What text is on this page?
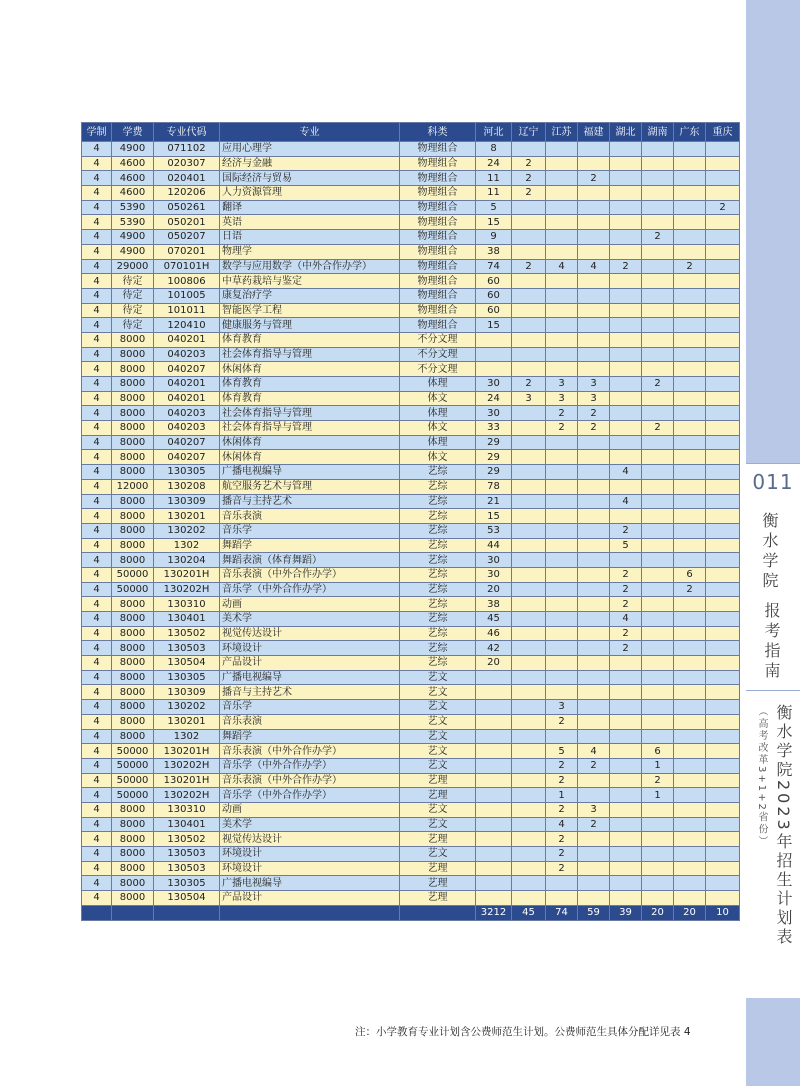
011
衡水学院
报考指南
衡水学院2023年招生计划表
（高考改革3+1+2省份）
学制	学费	专业代码	专业	科类	河北	辽宁	江苏	福建	湖北	湖南	广东	重庆
4	4900	071102	应用心理学	物理组合	8							
4	4600	020307	经济与金融	物理组合	24	2						
4	4600	020401	国际经济与贸易	物理组合	11	2		2				
4	4600	120206	人力资源管理	物理组合	11	2						
4	5390	050261	翻译	物理组合	5							2
4	5390	050201	英语	物理组合	15							
4	4900	050207	日语	物理组合	9					2		
4	4900	070201	物理学	物理组合	38							
4	29000	070101H	数学与应用数学（中外合作办学）	物理组合	74	2	4	4	2		2	
4	待定	100806	中草药栽培与鉴定	物理组合	60							
4	待定	101005	康复治疗学	物理组合	60							
4	待定	101011	智能医学工程	物理组合	60							
4	待定	120410	健康服务与管理	物理组合	15							
4	8000	040201	体育教育	不分文理								
4	8000	040203	社会体育指导与管理	不分文理								
4	8000	040207	休闲体育	不分文理								
4	8000	040201	体育教育	体理	30	2	3	3		2		
4	8000	040201	体育教育	体文	24	3	3	3				
4	8000	040203	社会体育指导与管理	体理	30		2	2				
4	8000	040203	社会体育指导与管理	体文	33		2	2		2		
4	8000	040207	休闲体育	体理	29							
4	8000	040207	休闲体育	体文	29							
4	8000	130305	广播电视编导	艺综	29				4			
4	12000	130208	航空服务艺术与管理	艺综	78							
4	8000	130309	播音与主持艺术	艺综	21				4			
4	8000	130201	音乐表演	艺综	15							
4	8000	130202	音乐学	艺综	53				2			
4	8000	1302	舞蹈学	艺综	44				5			
4	8000	130204	舞蹈表演（体育舞蹈）	艺综	30							
4	50000	130201H	音乐表演（中外合作办学）	艺综	30				2		6	
4	50000	130202H	音乐学（中外合作办学）	艺综	20				2		2	
4	8000	130310	动画	艺综	38				2			
4	8000	130401	美术学	艺综	45				4			
4	8000	130502	视觉传达设计	艺综	46				2			
4	8000	130503	环境设计	艺综	42				2			
4	8000	130504	产品设计	艺综	20							
4	8000	130305	广播电视编导	艺文								
4	8000	130309	播音与主持艺术	艺文								
4	8000	130202	音乐学	艺文			3					
4	8000	130201	音乐表演	艺文			2					
4	8000	1302	舞蹈学	艺文								
4	50000	130201H	音乐表演（中外合作办学）	艺文			5	4		6		
4	50000	130202H	音乐学（中外合作办学）	艺文			2	2		1		
4	50000	130201H	音乐表演（中外合作办学）	艺理			2			2		
4	50000	130202H	音乐学（中外合作办学）	艺理			1			1		
4	8000	130310	动画	艺文			2	3				
4	8000	130401	美术学	艺文			4	2				
4	8000	130502	视觉传达设计	艺理			2					
4	8000	130503	环境设计	艺文			2					
4	8000	130503	环境设计	艺理			2					
4	8000	130305	广播电视编导	艺理								
4	8000	130504	产品设计	艺理								
					3212	45	74	59	39	20	20	10
注：小学教育专业计划含公费师范生计划。公费师范生具体分配详见表 4
